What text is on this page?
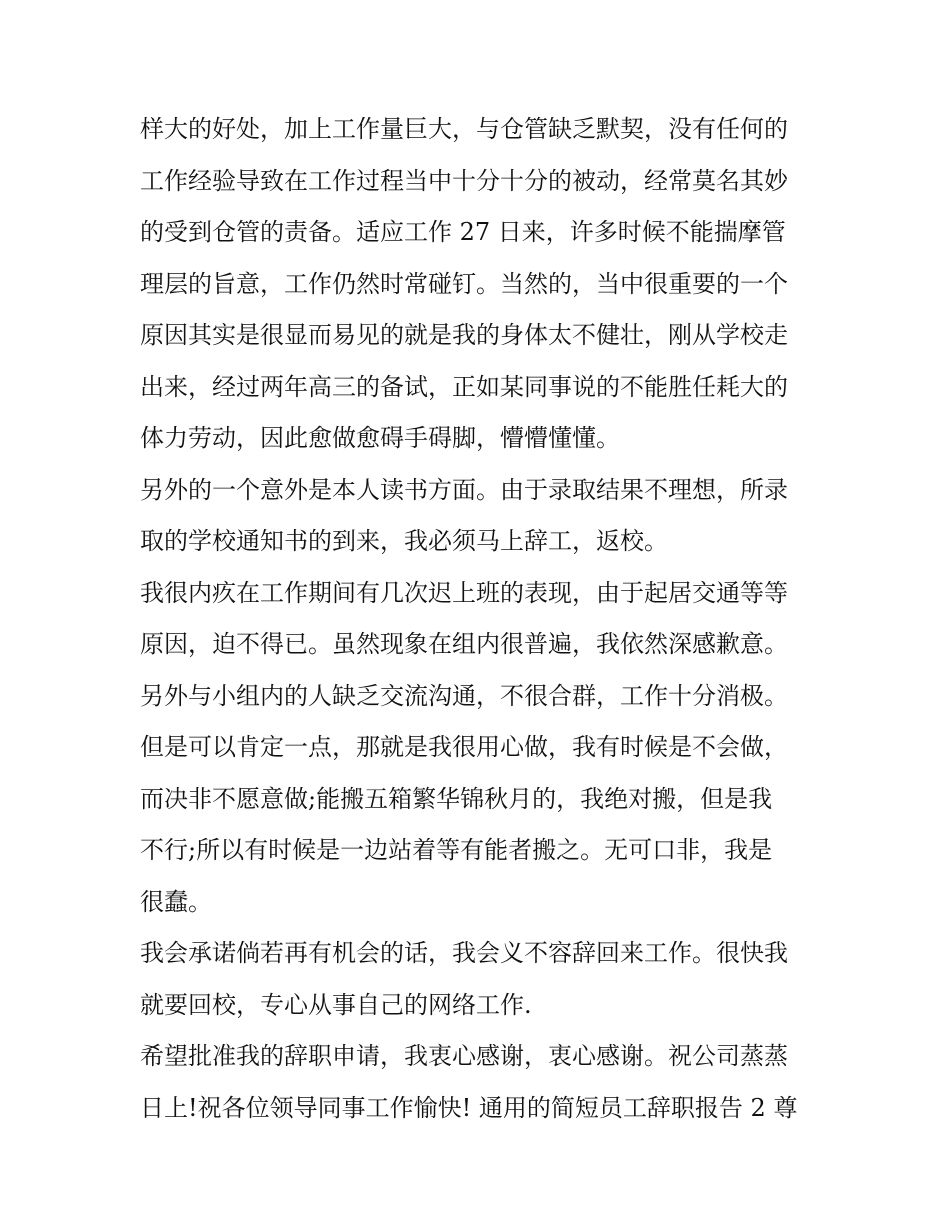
样大的好处，加上工作量巨大，与仓管缺乏默契，没有任何的
工作经验导致在工作过程当中十分十分的被动，经常莫名其妙
的受到仓管的责备。适应工作 27 日来，许多时候不能揣摩管
理层的旨意，工作仍然时常碰钉。当然的，当中很重要的一个
原因其实是很显而易见的就是我的身体太不健壮，刚从学校走
出来，经过两年高三的备试，正如某同事说的不能胜任耗大的
体力劳动，因此愈做愈碍手碍脚，懵懵懂懂。
另外的一个意外是本人读书方面。由于录取结果不理想，所录
取的学校通知书的到来，我必须马上辞工，返校。
我很内疚在工作期间有几次迟上班的表现，由于起居交通等等
原因，迫不得已。虽然现象在组内很普遍，我依然深感歉意。
另外与小组内的人缺乏交流沟通，不很合群，工作十分消极。
但是可以肯定一点，那就是我很用心做，我有时候是不会做，
而决非不愿意做;能搬五箱繁华锦秋月的，我绝对搬，但是我
不行;所以有时候是一边站着等有能者搬之。无可口非，我是
很蠢。
我会承诺倘若再有机会的话，我会义不容辞回来工作。很快我
就要回校，专心从事自己的网络工作.
希望批准我的辞职申请，我衷心感谢，衷心感谢。祝公司蒸蒸
日上!祝各位领导同事工作愉快! 通用的简短员工辞职报告 2 尊
